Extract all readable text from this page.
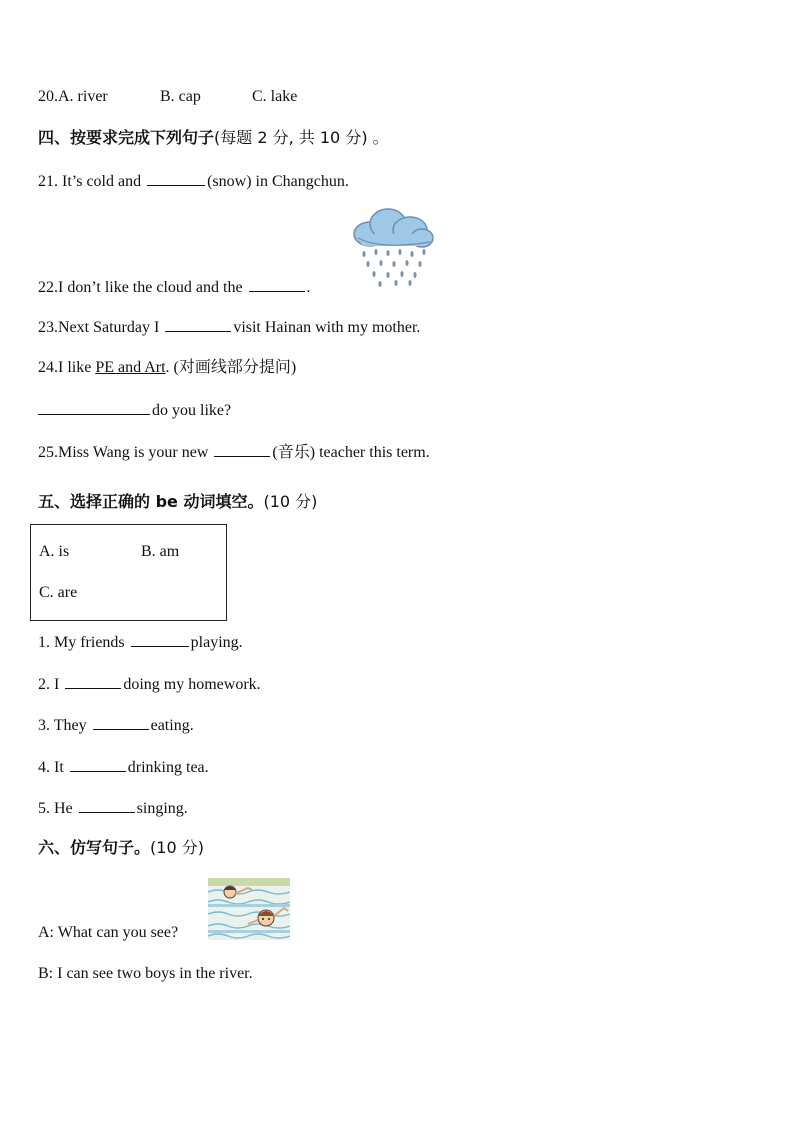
20.A. river	B. cap	C. lake
四、按要求完成下列句子(每题 2 分, 共 10 分) 。
21. It’s cold and	(snow) in Changchun.
22.I don’t like the cloud and the	.
23.Next Saturday I	visit Hainan with my mother.
24.I like PE and Art. (对画线部分提问)
do you like?
25.Miss Wang is your new	(音乐) teacher this term.
五、选择正确的 be 动词填空。(10 分)
A. is	B. am
C. are
1. My friends	playing.
2. I	doing my homework.
3. They	eating.
4. It	drinking tea.
5. He	singing.
六、仿写句子。(10 分)
A: What can you see?
B: I can see two boys in the river.
